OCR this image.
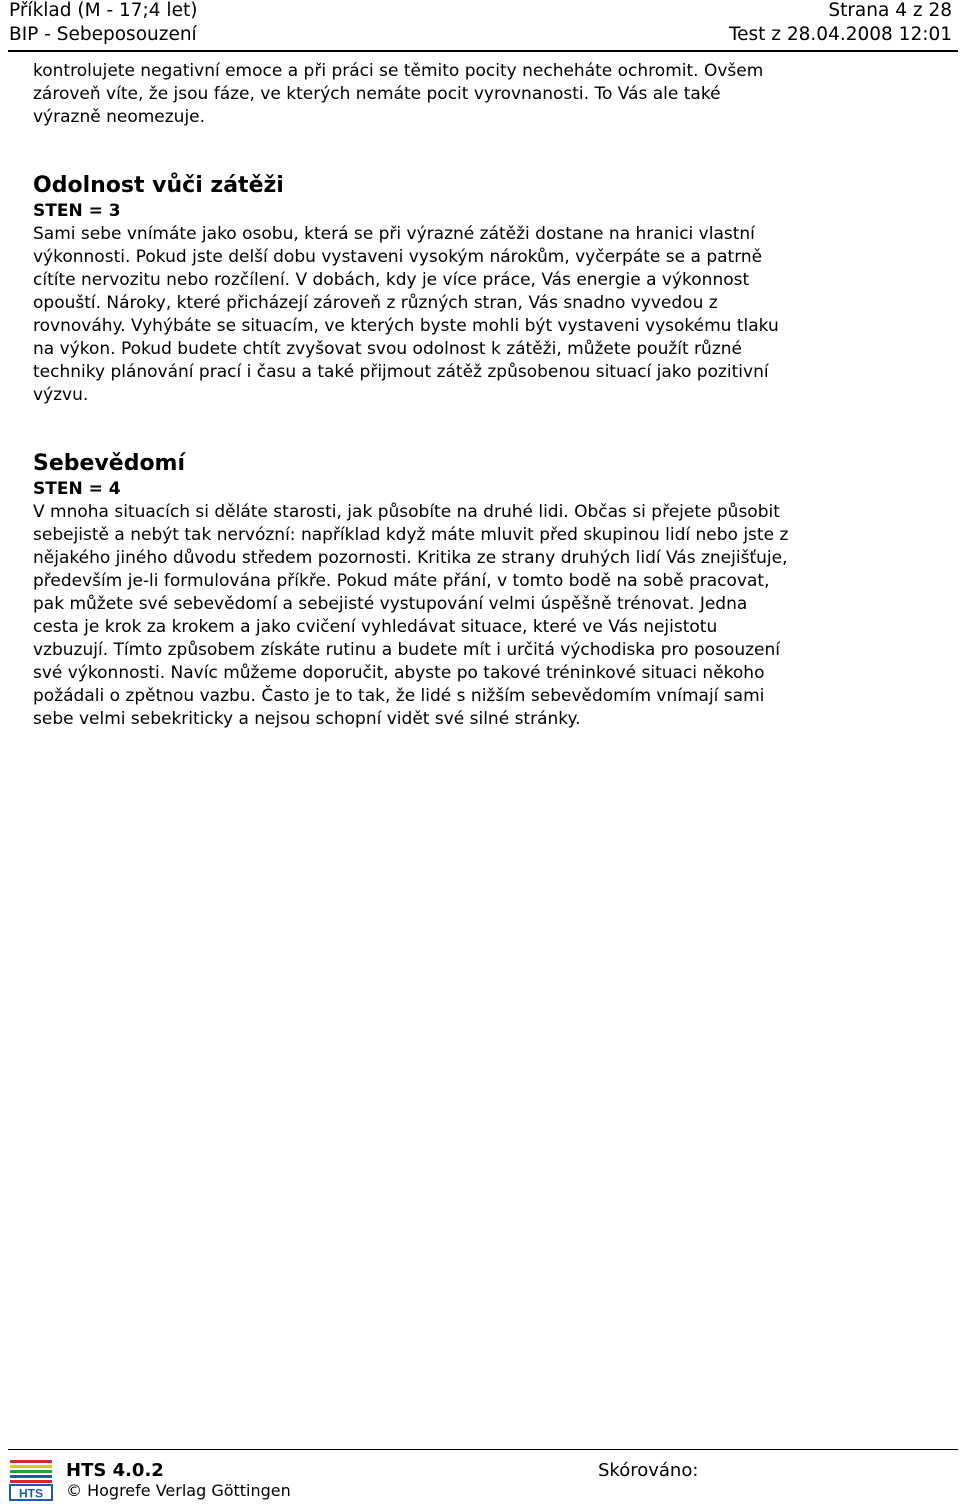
Příklad (M - 17;4 let)	Strana 4 z 28
BIP - Sebeposouzení	Test z 28.04.2008 12:01

kontrolujete negativní emoce a při práci se těmito pocity necheháte ochromit. Ovšem
zároveň víte, že jsou fáze, ve kterých nemáte pocit vyrovnanosti. To Vás ale také
výrazně neomezuje.

Odolnost vůči zátěži

STEN = 3

Sami sebe vnímáte jako osobu, která se při výrazné zátěži dostane na hranici vlastní
výkonnosti. Pokud jste delší dobu vystaveni vysokým nárokům, vyčerpáte se a patrně
cítíte nervozitu nebo rozčílení. V dobách, kdy je více práce, Vás energie a výkonnost
opouští. Nároky, které přicházejí zároveň z různých stran, Vás snadno vyvedou z
rovnováhy. Vyhýbáte se situacím, ve kterých byste mohli být vystaveni vysokému tlaku
na výkon. Pokud budete chtít zvyšovat svou odolnost k zátěži, můžete použít různé
techniky plánování prací i času a také přijmout zátěž způsobenou situací jako pozitivní
výzvu.

Sebevědomí

STEN = 4

V mnoha situacích si děláte starosti, jak působíte na druhé lidi. Občas si přejete působit
sebejistě a nebýt tak nervózní: například když máte mluvit před skupinou lidí nebo jste z
nějakého jiného důvodu středem pozornosti. Kritika ze strany druhých lidí Vás znejišťuje,
především je-li formulována příkře. Pokud máte přání, v tomto bodě na sobě pracovat,
pak můžete své sebevědomí a sebejisté vystupování velmi úspěšně trénovat. Jedna
cesta je krok za krokem a jako cvičení vyhledávat situace, které ve Vás nejistotu
vzbuzují. Tímto způsobem získáte rutinu a budete mít i určitá východiska pro posouzení
své výkonnosti. Navíc můžeme doporučit, abyste po takové tréninkové situaci někoho
požádali o zpětnou vazbu. Často je to tak, že lidé s nižším sebevědomím vnímají sami
sebe velmi sebekriticky a nejsou schopní vidět své silné stránky.

HTS
HTS 4.0.2
© Hogrefe Verlag Göttingen
Skórováno:
